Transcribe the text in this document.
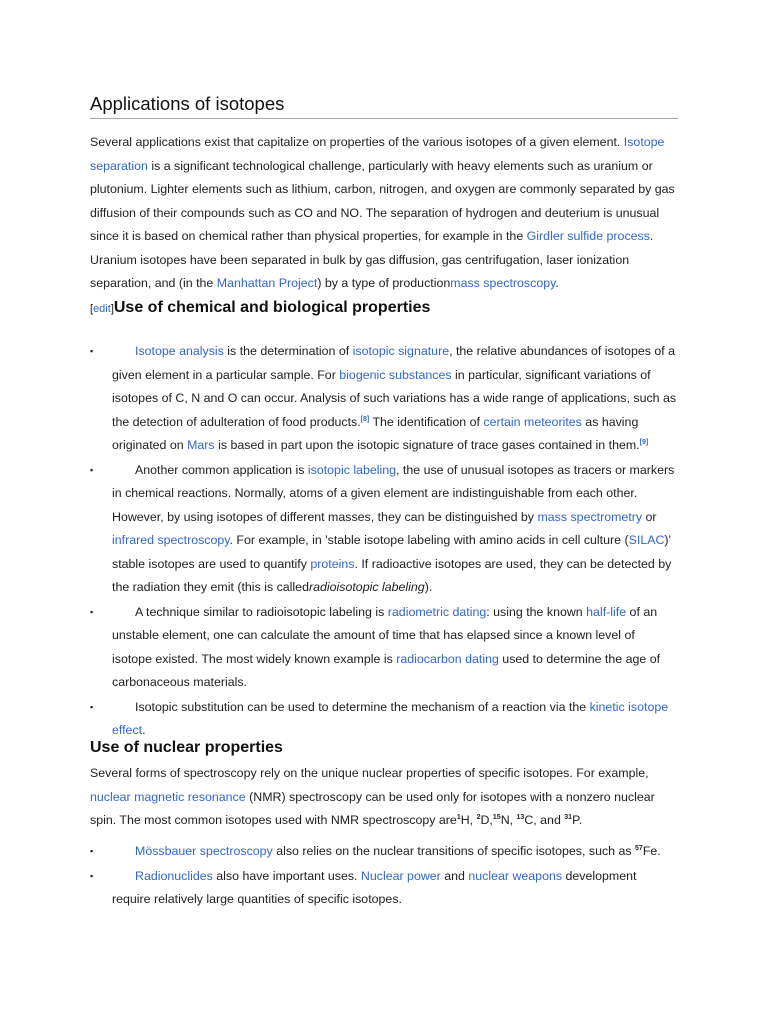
Applications of isotopes

Several applications exist that capitalize on properties of the various isotopes of a given element. Isotope separation is a significant technological challenge, particularly with heavy elements such as uranium or plutonium. Lighter elements such as lithium, carbon, nitrogen, and oxygen are commonly separated by gas diffusion of their compounds such as CO and NO. The separation of hydrogen and deuterium is unusual since it is based on chemical rather than physical properties, for example in the Girdler sulfide process. Uranium isotopes have been separated in bulk by gas diffusion, gas centrifugation, laser ionization separation, and (in the Manhattan Project) by a type of productionmass spectroscopy.

[edit]Use of chemical and biological properties
▪	Isotope analysis is the determination of isotopic signature, the relative abundances of isotopes of a given element in a particular sample. For biogenic substances in particular, significant variations of isotopes of C, N and O can occur. Analysis of such variations has a wide range of applications, such as the detection of adulteration of food products.[8] The identification of certain meteorites as having originated on Mars is based in part upon the isotopic signature of trace gases contained in them.[9]
▪	Another common application is isotopic labeling, the use of unusual isotopes as tracers or markers in chemical reactions. Normally, atoms of a given element are indistinguishable from each other. However, by using isotopes of different masses, they can be distinguished by mass spectrometry or infrared spectroscopy. For example, in 'stable isotope labeling with amino acids in cell culture (SILAC)' stable isotopes are used to quantify proteins. If radioactive isotopes are used, they can be detected by the radiation they emit (this is calledradioisotopic labeling).
▪	A technique similar to radioisotopic labeling is radiometric dating: using the known half-life of an unstable element, one can calculate the amount of time that has elapsed since a known level of isotope existed. The most widely known example is radiocarbon dating used to determine the age of carbonaceous materials.
▪	Isotopic substitution can be used to determine the mechanism of a reaction via the kinetic isotope effect.
Use of nuclear properties

Several forms of spectroscopy rely on the unique nuclear properties of specific isotopes. For example, nuclear magnetic resonance (NMR) spectroscopy can be used only for isotopes with a nonzero nuclear spin. The most common isotopes used with NMR spectroscopy are$^1$H, $^2$D,$^{15}$N, $^{13}$C, and $^{31}$P.

▪	Mössbauer spectroscopy also relies on the nuclear transitions of specific isotopes, such as $^{57}$Fe.
▪	Radionuclides also have important uses. Nuclear power and nuclear weapons development require relatively large quantities of specific isotopes.
